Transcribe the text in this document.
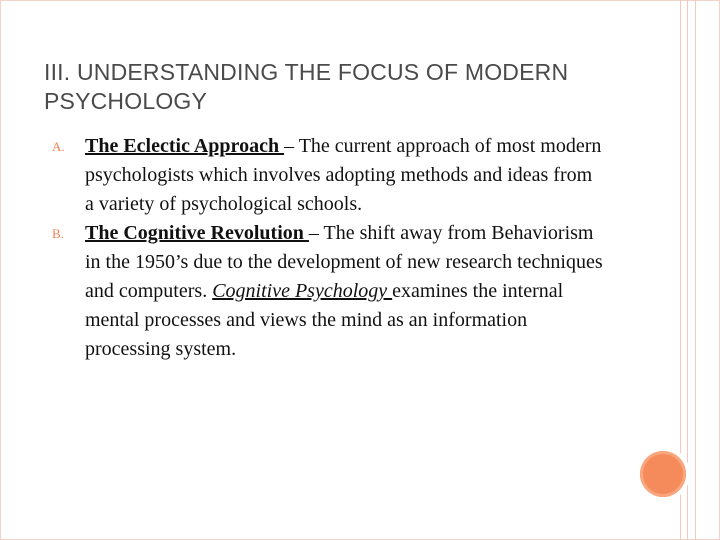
III. UNDERSTANDING THE FOCUS OF MODERN PSYCHOLOGY
A. The Eclectic Approach – The current approach of most modern psychologists which involves adopting methods and ideas from a variety of psychological schools.
B. The Cognitive Revolution – The shift away from Behaviorism in the 1950’s due to the development of new research techniques and computers. Cognitive Psychology examines the internal mental processes and views the mind as an information processing system.
